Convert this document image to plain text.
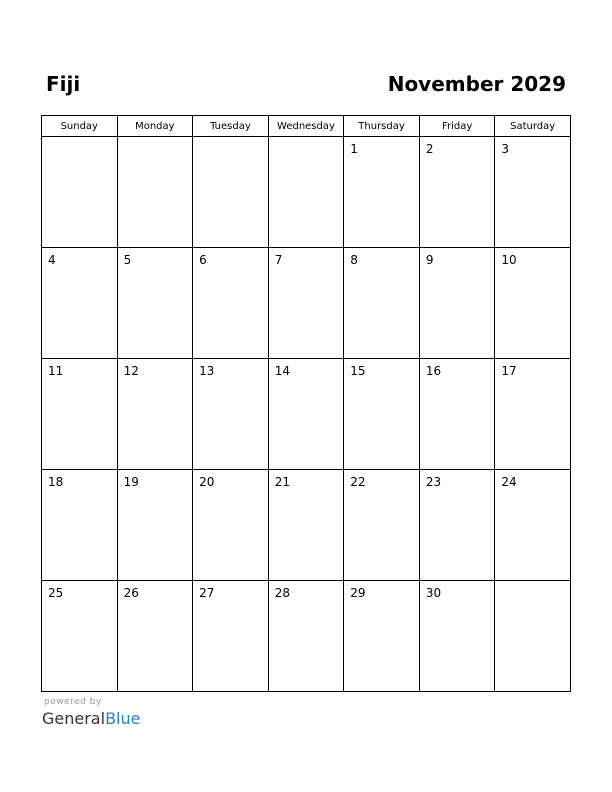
Fiji	November 2029
Sunday	Monday	Tuesday	Wednesday	Thursday	Friday	Saturday

				1	2	3

4	5	6	7	8	9	10

11	12	13	14	15	16	17

18	19	20	21	22	23	24

25	26	27	28	29	30	

powered by
GeneralBlue
